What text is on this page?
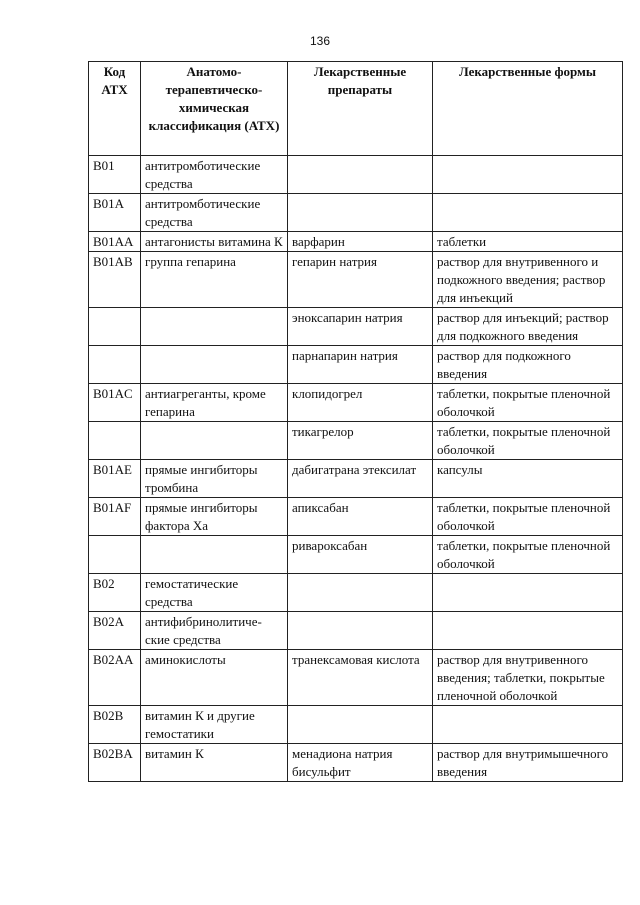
136
Код АТХ	Анатомо-терапевтическо-химическая классификация (АТХ)	Лекарственные препараты	Лекарственные формы
B01	антитромботические средства		
B01A	антитромботические средства		
B01AA	антагонисты витамина К	варфарин	таблетки
B01AB	группа гепарина	гепарин натрия	раствор для внутривенного и подкожного введения; раствор для инъекций
		эноксапарин натрия	раствор для инъекций; раствор для подкожного введения
		парнапарин натрия	раствор для подкожного введения
B01AC	антиагреганты, кроме гепарина	клопидогрел	таблетки, покрытые пленочной оболочкой
		тикагрелор	таблетки, покрытые пленочной оболочкой
B01AE	прямые ингибиторы тромбина	дабигатрана этексилат	капсулы
B01AF	прямые ингибиторы фактора Ха	апиксабан	таблетки, покрытые пленочной оболочкой
		ривароксабан	таблетки, покрытые пленочной оболочкой
B02	гемостатические средства		
B02A	антифибринолитиче-ские средства		
B02AA	аминокислоты	транексамовая кислота	раствор для внутривенного введения; таблетки, покрытые пленочной оболочкой
B02B	витамин К и другие гемостатики		
B02BA	витамин К	менадиона натрия бисульфит	раствор для внутримышечного введения
